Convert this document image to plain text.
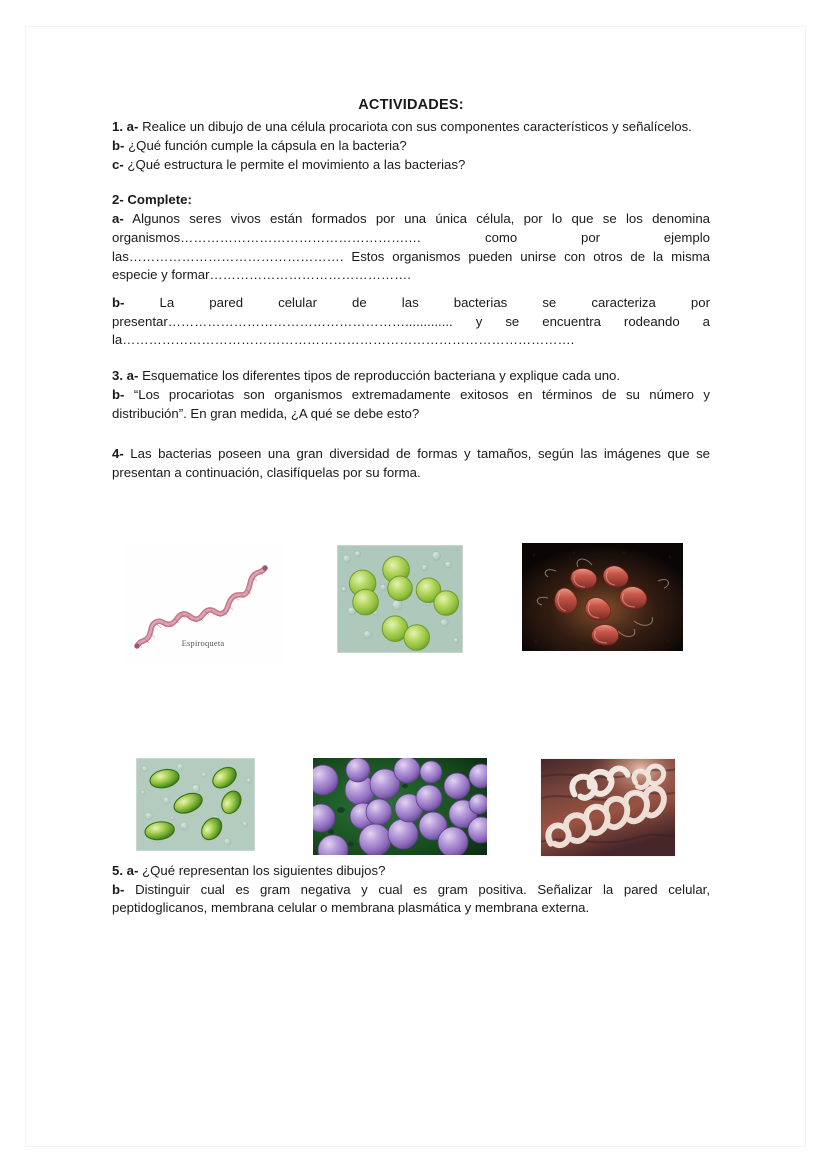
ACTIVIDADES:

1. a- Realice un dibujo de una célula procariota con sus componentes característicos y señalícelos.

b- ¿Qué función cumple la cápsula en la bacteria?

c- ¿Qué estructura le permite el movimiento a las bacterias?

2- Complete:

a- Algunos seres vivos están formados por una única célula, por lo que se los denomina organismos…………………………………………….… como por ejemplo las…………………………………………. Estos organismos pueden unirse con otros de la misma especie y formar……………………………………….

b-	La pared celular de las bacterias se caracteriza por presentar………………………………………………............. y se encuentra rodeando a la………………………………………………………………………………………….

3. a- Esquematice los diferentes tipos de reproducción bacteriana y explique cada uno.

b- “Los procariotas son organismos extremadamente exitosos en términos de su número y distribución”. En gran medida, ¿A qué se debe esto?

4- Las bacterias poseen una gran diversidad de formas y tamaños, según las imágenes que se presentan a continuación, clasifíquelas por su forma.

Espiroqueta

5. a- ¿Qué representan los siguientes dibujos?

b- Distinguir cual es gram negativa y cual es gram positiva. Señalizar la pared celular, peptidoglicanos, membrana celular o membrana plasmática y membrana externa.
